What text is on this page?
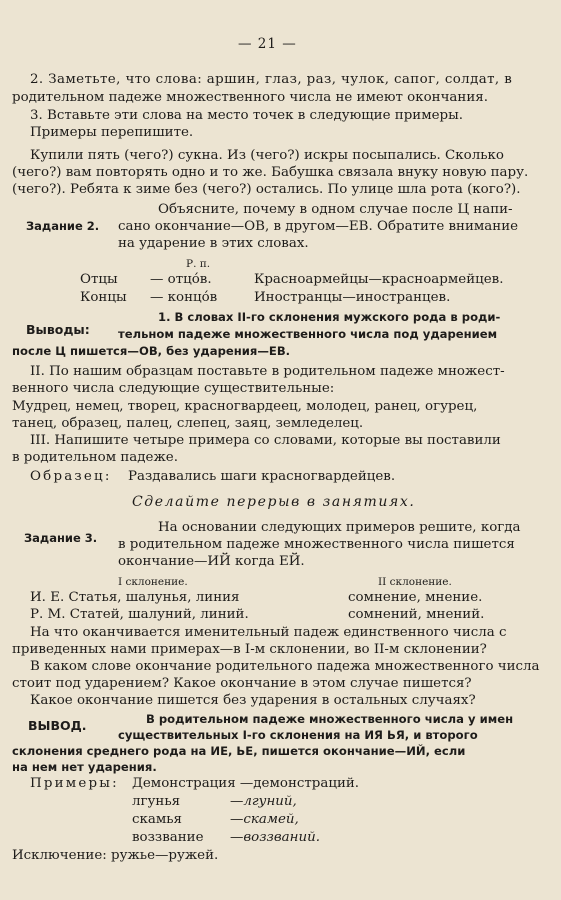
— 21 —
2. Заметьте, что слова: аршин, глаз, раз, чулок, сапог, солдат, в
родительном падеже множественного числа не имеют окончания.
3. Вставьте эти слова на место точек в следующие примеры.
Примеры перепишите.
Купили пять (чего?) сукна. Из (чего?) искры посыпались. Сколько
(чего?) вам повторять одно и то же. Бабушка связала внуку новую пару.
(чего?). Ребята к зиме без (чего?) остались. По улице шла рота (кого?).
Задание 2.
Объясните, почему в одном случае после Ц напи-
сано окончание—ОВ, в другом—ЕВ. Обратите внимание
на ударение в этих словах.
Р. п.
Отцы — отцо́в.	Красноармейцы—красноармейцев.
Концы — концо́в	Иностранцы—иностранцев.
Выводы:
1. В словах II-го склонения мужского рода в роди-
тельном падеже множественного числа под ударением
после Ц пишется—ОВ, без ударения—ЕВ.
II. По нашим образцам поставьте в родительном падеже множест-
венного числа следующие существительные:
Мудрец, немец, творец, красногвардеец, молодец, ранец, огурец,
танец, образец, палец, слепец, заяц, земледелец.
III. Напишите четыре примера со словами, которые вы поставили
в родительном падеже.
Образец: Раздавались шаги красногвардейцев.
Сделайте перерыв в занятиях.
Задание 3.
На основании следующих примеров решите, когда
в родительном падеже множественного числа пишется
окончание—ИЙ когда ЕЙ.
I склонение.	II склонение.
И. Е. Статья, шалунья, линия	сомнение, мнение.
Р. М. Статей, шалуний, линий.	сомнений, мнений.
На что оканчивается именительный падеж единственного числа с
приведенных нами примерах—в I-м склонении, во II-м склонении?
В каком слове окончание родительного падежа множественного числа
стоит под ударением? Какое окончание в этом случае пишется?
Какое окончание пишется без ударения в остальных случаях?
ВЫВОД.	В родительном падеже множественного числа у имен
существительных I-го склонения на ИЯ ЬЯ, и второго
склонения среднего рода на ИЕ, ЬЕ, пишется окончание—ИЙ, если
на нем нет ударения.
Примеры: Демонстрация —демонстраций.
лгунья	—лгуний,
скамья	—скамей,
воззвание —воззваний.
Исключение: ружье—ружей.
